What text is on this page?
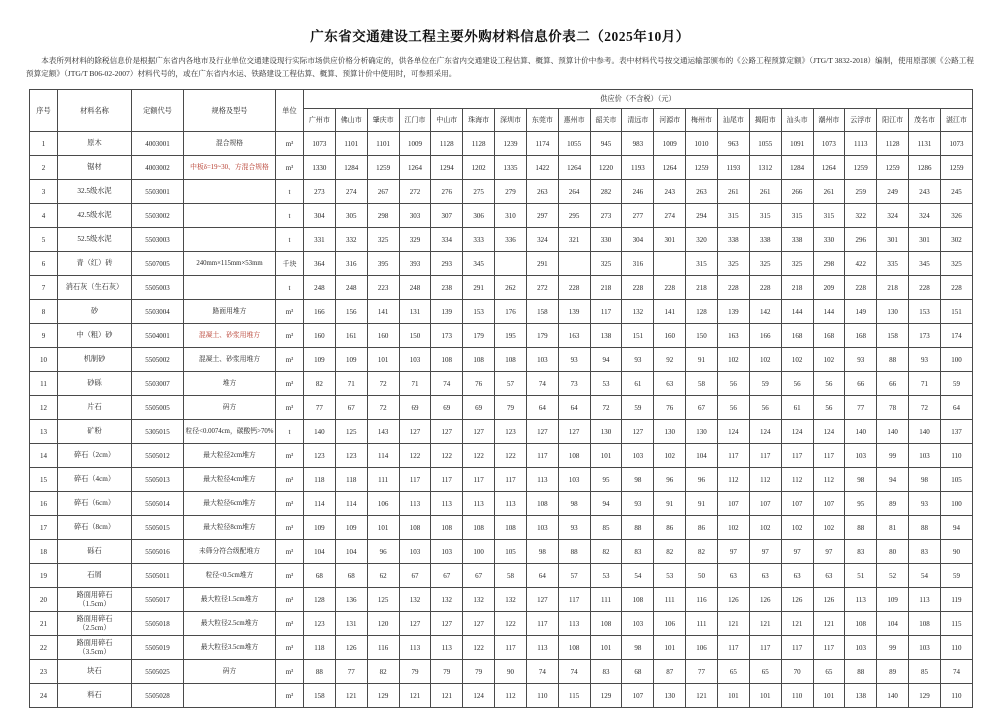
广东省交通建设工程主要外购材料信息价表二（2025年10月）

本表所列材料的除税信息价是根据广东省内各地市及行业单位交通建设现行实际市场供应价格分析确定的，供各单位在广东省内交通建设工程估算、概算、预算计价中参考。表中材料代号按交通运输部颁布的《公路工程预算定额》（JTG/T 3832-2018）编制，使用原部颁《公路工程预算定额》（JTG/T B06-02-2007）材料代号的，或在广东省内水运、铁路建设工程估算、概算、预算计价中使用时，可参照采用。

序号	材料名称	定额代号	规格及型号	单位	供应价（不含税）（元）																				
					广州市	佛山市	肇庆市	江门市	中山市	珠海市	深圳市	东莞市	惠州市	韶关市	清远市	河源市	梅州市	汕尾市	揭阳市	汕头市	潮州市	云浮市	阳江市	茂名市	湛江市
1	原木	4003001	混合规格	m³	1073	1101	1101	1009	1128	1128	1239	1174	1055	945	983	1009	1010	963	1055	1091	1073	1113	1128	1131	1073
2	锯材	4003002	中板δ=19~30、方混合规格	m³	1330	1284	1259	1264	1294	1202	1335	1422	1264	1220	1193	1264	1259	1193	1312	1284	1264	1259	1259	1286	1259
3	32.5级水泥	5503001		t	273	274	267	272	276	275	279	263	264	282	246	243	263	261	261	266	261	259	249	243	245
4	42.5级水泥	5503002		t	304	305	298	303	307	306	310	297	295	273	277	274	294	315	315	315	315	322	324	324	326
5	52.5级水泥	5503003		t	331	332	325	329	334	333	336	324	321	330	304	301	320	338	338	338	330	296	301	301	302
6	青（红）砖	5507005	240mm×115mm×53mm	千块	364	316	395	393	293	345		291		325	316		315	325	325	325	298	422	335	345	325
7	消石灰（生石灰）	5505003		t	248	248	223	248	238	291	262	272	228	218	228	228	218	228	228	218	209	228	218	228	228
8	砂	5503004	路面用堆方	m³	166	156	141	131	139	153	176	158	139	117	132	141	128	139	142	144	144	149	130	153	151
9	中（粗）砂	5504001	混凝土、砂浆用堆方	m³	160	161	160	150	173	179	195	179	163	138	151	160	150	163	166	168	168	168	158	173	174
10	机制砂	5505002	混凝土、砂浆用堆方	m³	109	109	101	103	108	108	108	103	93	94	93	92	91	102	102	102	102	93	88	93	100
11	砂砾	5503007	堆方	m³	82	71	72	71	74	76	57	74	73	53	61	63	58	56	59	56	56	66	66	71	59
12	片石	5505005	码方	m³	77	67	72	69	69	69	79	64	64	72	59	76	67	56	56	61	56	77	78	72	64
13	矿粉	5305015	粒径<0.0074cm，碳酸钙>70%	t	140	125	143	127	127	127	123	127	127	130	127	130	130	124	124	124	124	140	140	140	137
14	碎石（2cm）	5505012	最大粒径2cm堆方	m³	123	123	114	122	122	122	122	117	108	101	103	102	104	117	117	117	117	103	99	103	110
15	碎石（4cm）	5505013	最大粒径4cm堆方	m³	118	118	111	117	117	117	117	113	103	95	98	96	96	112	112	112	112	98	94	98	105
16	碎石（6cm）	5505014	最大粒径6cm堆方	m³	114	114	106	113	113	113	113	108	98	94	93	91	91	107	107	107	107	95	89	93	100
17	碎石（8cm）	5505015	最大粒径8cm堆方	m³	109	109	101	108	108	108	108	103	93	85	88	86	86	102	102	102	102	88	81	88	94
18	砾石	5505016	未筛分符合级配堆方	m³	104	104	96	103	103	100	105	98	88	82	83	82	82	97	97	97	97	83	80	83	90
19	石屑	5505011	粒径<0.5cm堆方	m³	68	68	62	67	67	67	58	64	57	53	54	53	50	63	63	63	63	51	52	54	59
20	路面用碎石
（1.5cm）	5505017	最大粒径1.5cm堆方	m³	128	136	125	132	132	132	132	127	117	111	108	111	116	126	126	126	126	113	109	113	119
21	路面用碎石
（2.5cm）	5505018	最大粒径2.5cm堆方	m³	123	131	120	127	127	127	122	117	113	108	103	106	111	121	121	121	121	108	104	108	115
22	路面用碎石
（3.5cm）	5505019	最大粒径3.5cm堆方	m³	118	126	116	113	113	122	117	113	108	101	98	101	106	117	117	117	117	103	99	103	110
23	块石	5505025	码方	m³	88	77	82	79	79	79	90	74	74	83	68	87	77	65	65	70	65	88	89	85	74
24	料石	5505028		m³	158	121	129	121	121	124	112	110	115	129	107	130	121	101	101	110	101	138	140	129	110
